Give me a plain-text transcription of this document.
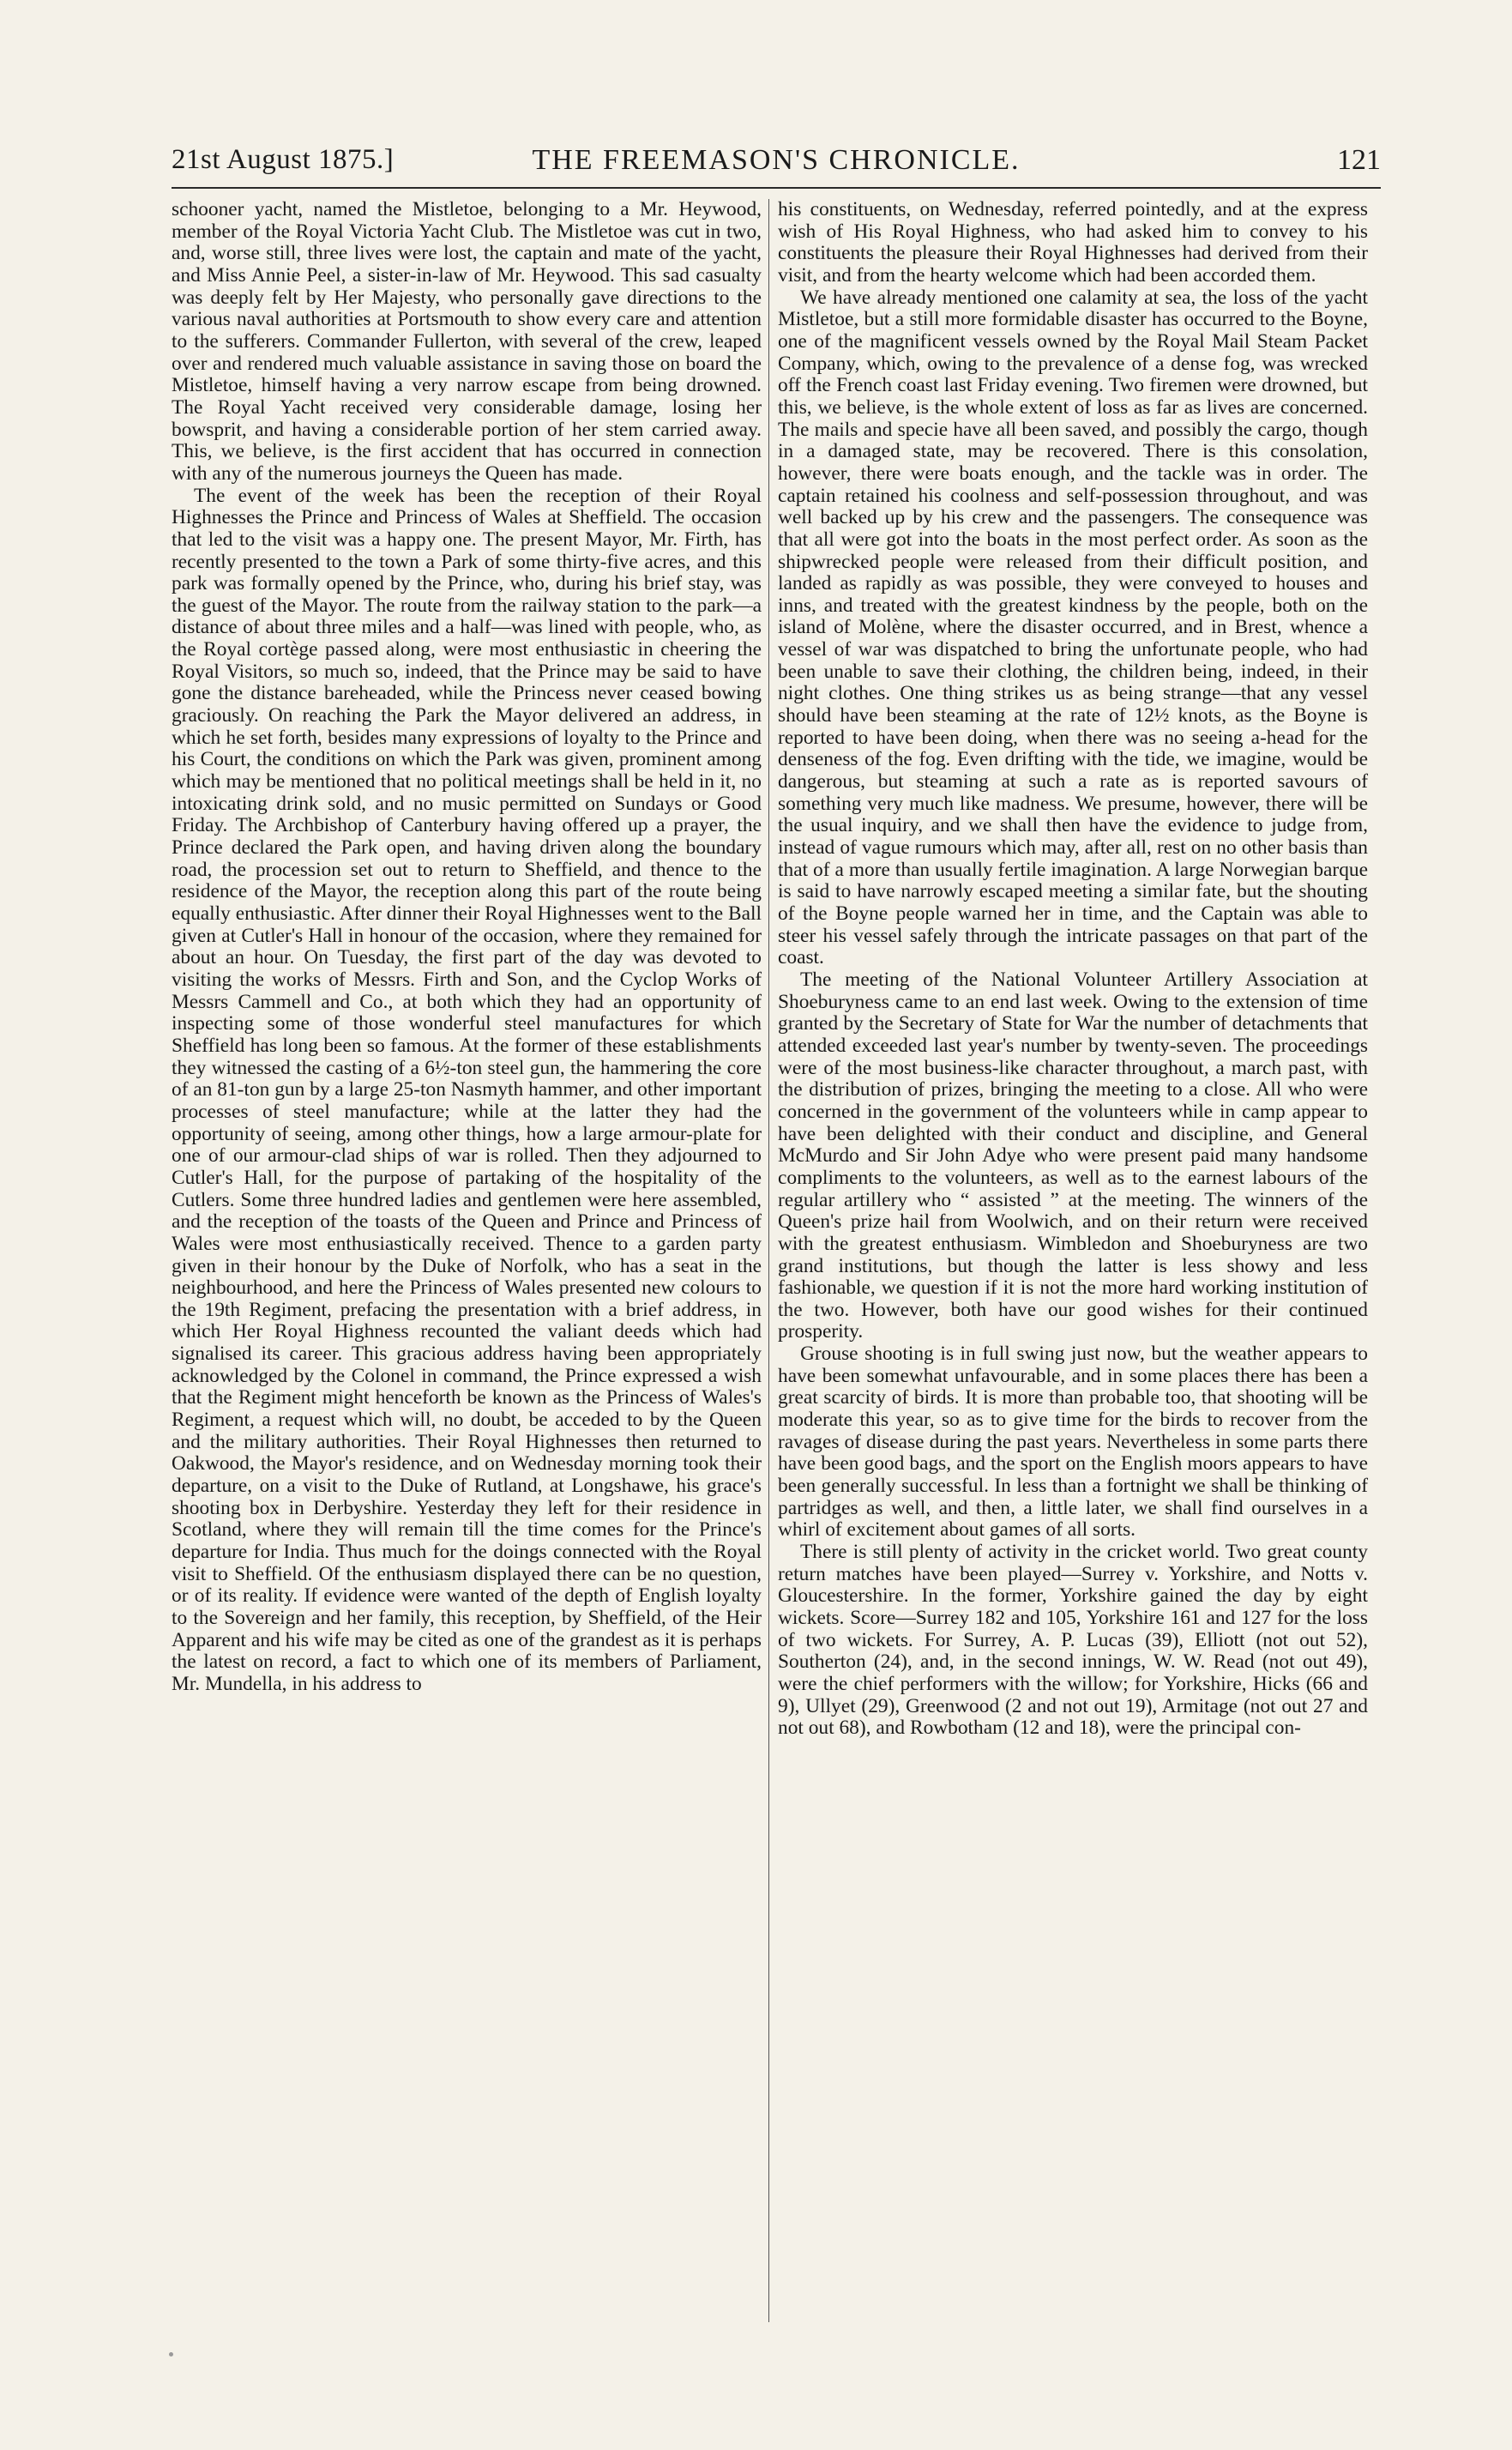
21st August 1875.]	THE FREEMASON'S CHRONICLE.	121

schooner yacht, named the Mistletoe, belonging to a Mr. Heywood, member of the Royal Victoria Yacht Club. The Mistletoe was cut in two, and, worse still, three lives were lost, the captain and mate of the yacht, and Miss Annie Peel, a sister-in-law of Mr. Heywood. This sad casualty was deeply felt by Her Majesty, who personally gave directions to the various naval authorities at Portsmouth to show every care and attention to the sufferers. Commander Fullerton, with several of the crew, leaped over and rendered much valuable assistance in saving those on board the Mistletoe, himself having a very narrow escape from being drowned. The Royal Yacht received very considerable damage, losing her bowsprit, and having a considerable portion of her stem carried away. This, we believe, is the first accident that has occurred in connection with any of the numerous journeys the Queen has made.

The event of the week has been the reception of their Royal Highnesses the Prince and Princess of Wales at Sheffield. The occasion that led to the visit was a happy one. The present Mayor, Mr. Firth, has recently presented to the town a Park of some thirty-five acres, and this park was formally opened by the Prince, who, during his brief stay, was the guest of the Mayor. The route from the railway station to the park—a distance of about three miles and a half—was lined with people, who, as the Royal cortège passed along, were most enthusiastic in cheering the Royal Visitors, so much so, indeed, that the Prince may be said to have gone the distance bareheaded, while the Princess never ceased bowing graciously. On reaching the Park the Mayor delivered an address, in which he set forth, besides many expressions of loyalty to the Prince and his Court, the conditions on which the Park was given, prominent among which may be mentioned that no political meetings shall be held in it, no intoxicating drink sold, and no music permitted on Sundays or Good Friday. The Archbishop of Canterbury having offered up a prayer, the Prince declared the Park open, and having driven along the boundary road, the procession set out to return to Sheffield, and thence to the residence of the Mayor, the reception along this part of the route being equally enthusiastic. After dinner their Royal Highnesses went to the Ball given at Cutler's Hall in honour of the occasion, where they remained for about an hour. On Tuesday, the first part of the day was devoted to visiting the works of Messrs. Firth and Son, and the Cyclop Works of Messrs Cammell and Co., at both which they had an opportunity of inspecting some of those wonderful steel manufactures for which Sheffield has long been so famous. At the former of these establishments they witnessed the casting of a 6½-ton steel gun, the hammering the core of an 81-ton gun by a large 25-ton Nasmyth hammer, and other important processes of steel manufacture; while at the latter they had the opportunity of seeing, among other things, how a large armour-plate for one of our armour-clad ships of war is rolled. Then they adjourned to Cutler's Hall, for the purpose of partaking of the hospitality of the Cutlers. Some three hundred ladies and gentlemen were here assembled, and the reception of the toasts of the Queen and Prince and Princess of Wales were most enthusiastically received. Thence to a garden party given in their honour by the Duke of Norfolk, who has a seat in the neighbourhood, and here the Princess of Wales presented new colours to the 19th Regiment, prefacing the presentation with a brief address, in which Her Royal Highness recounted the valiant deeds which had signalised its career. This gracious address having been appropriately acknowledged by the Colonel in command, the Prince expressed a wish that the Regiment might henceforth be known as the Princess of Wales's Regiment, a request which will, no doubt, be acceded to by the Queen and the military authorities. Their Royal Highnesses then returned to Oakwood, the Mayor's residence, and on Wednesday morning took their departure, on a visit to the Duke of Rutland, at Longshawe, his grace's shooting box in Derbyshire. Yesterday they left for their residence in Scotland, where they will remain till the time comes for the Prince's departure for India. Thus much for the doings connected with the Royal visit to Sheffield. Of the enthusiasm displayed there can be no question, or of its reality. If evidence were wanted of the depth of English loyalty to the Sovereign and her family, this reception, by Sheffield, of the Heir Apparent and his wife may be cited as one of the grandest as it is perhaps the latest on record, a fact to which one of its members of Parliament, Mr. Mundella, in his address to

his constituents, on Wednesday, referred pointedly, and at the express wish of His Royal Highness, who had asked him to convey to his constituents the pleasure their Royal Highnesses had derived from their visit, and from the hearty welcome which had been accorded them.

We have already mentioned one calamity at sea, the loss of the yacht Mistletoe, but a still more formidable disaster has occurred to the Boyne, one of the magnificent vessels owned by the Royal Mail Steam Packet Company, which, owing to the prevalence of a dense fog, was wrecked off the French coast last Friday evening. Two firemen were drowned, but this, we believe, is the whole extent of loss as far as lives are concerned. The mails and specie have all been saved, and possibly the cargo, though in a damaged state, may be recovered. There is this consolation, however, there were boats enough, and the tackle was in order. The captain retained his coolness and self-possession throughout, and was well backed up by his crew and the passengers. The consequence was that all were got into the boats in the most perfect order. As soon as the shipwrecked people were released from their difficult position, and landed as rapidly as was possible, they were conveyed to houses and inns, and treated with the greatest kindness by the people, both on the island of Molène, where the disaster occurred, and in Brest, whence a vessel of war was dispatched to bring the unfortunate people, who had been unable to save their clothing, the children being, indeed, in their night clothes. One thing strikes us as being strange—that any vessel should have been steaming at the rate of 12½ knots, as the Boyne is reported to have been doing, when there was no seeing a-head for the denseness of the fog. Even drifting with the tide, we imagine, would be dangerous, but steaming at such a rate as is reported savours of something very much like madness. We presume, however, there will be the usual inquiry, and we shall then have the evidence to judge from, instead of vague rumours which may, after all, rest on no other basis than that of a more than usually fertile imagination. A large Norwegian barque is said to have narrowly escaped meeting a similar fate, but the shouting of the Boyne people warned her in time, and the Captain was able to steer his vessel safely through the intricate passages on that part of the coast.

The meeting of the National Volunteer Artillery Association at Shoeburyness came to an end last week. Owing to the extension of time granted by the Secretary of State for War the number of detachments that attended exceeded last year's number by twenty-seven. The proceedings were of the most business-like character throughout, a march past, with the distribution of prizes, bringing the meeting to a close. All who were concerned in the government of the volunteers while in camp appear to have been delighted with their conduct and discipline, and General McMurdo and Sir John Adye who were present paid many handsome compliments to the volunteers, as well as to the earnest labours of the regular artillery who “ assisted ” at the meeting. The winners of the Queen's prize hail from Woolwich, and on their return were received with the greatest enthusiasm. Wimbledon and Shoeburyness are two grand institutions, but though the latter is less showy and less fashionable, we question if it is not the more hard working institution of the two. However, both have our good wishes for their continued prosperity.

Grouse shooting is in full swing just now, but the weather appears to have been somewhat unfavourable, and in some places there has been a great scarcity of birds. It is more than probable too, that shooting will be moderate this year, so as to give time for the birds to recover from the ravages of disease during the past years. Nevertheless in some parts there have been good bags, and the sport on the English moors appears to have been generally successful. In less than a fortnight we shall be thinking of partridges as well, and then, a little later, we shall find ourselves in a whirl of excitement about games of all sorts.

There is still plenty of activity in the cricket world. Two great county return matches have been played—Surrey v. Yorkshire, and Notts v. Gloucestershire. In the former, Yorkshire gained the day by eight wickets. Score—Surrey 182 and 105, Yorkshire 161 and 127 for the loss of two wickets. For Surrey, A. P. Lucas (39), Elliott (not out 52), Southerton (24), and, in the second innings, W. W. Read (not out 49), were the chief performers with the willow; for Yorkshire, Hicks (66 and 9), Ullyet (29), Greenwood (2 and not out 19), Armitage (not out 27 and not out 68), and Rowbotham (12 and 18), were the principal con-
